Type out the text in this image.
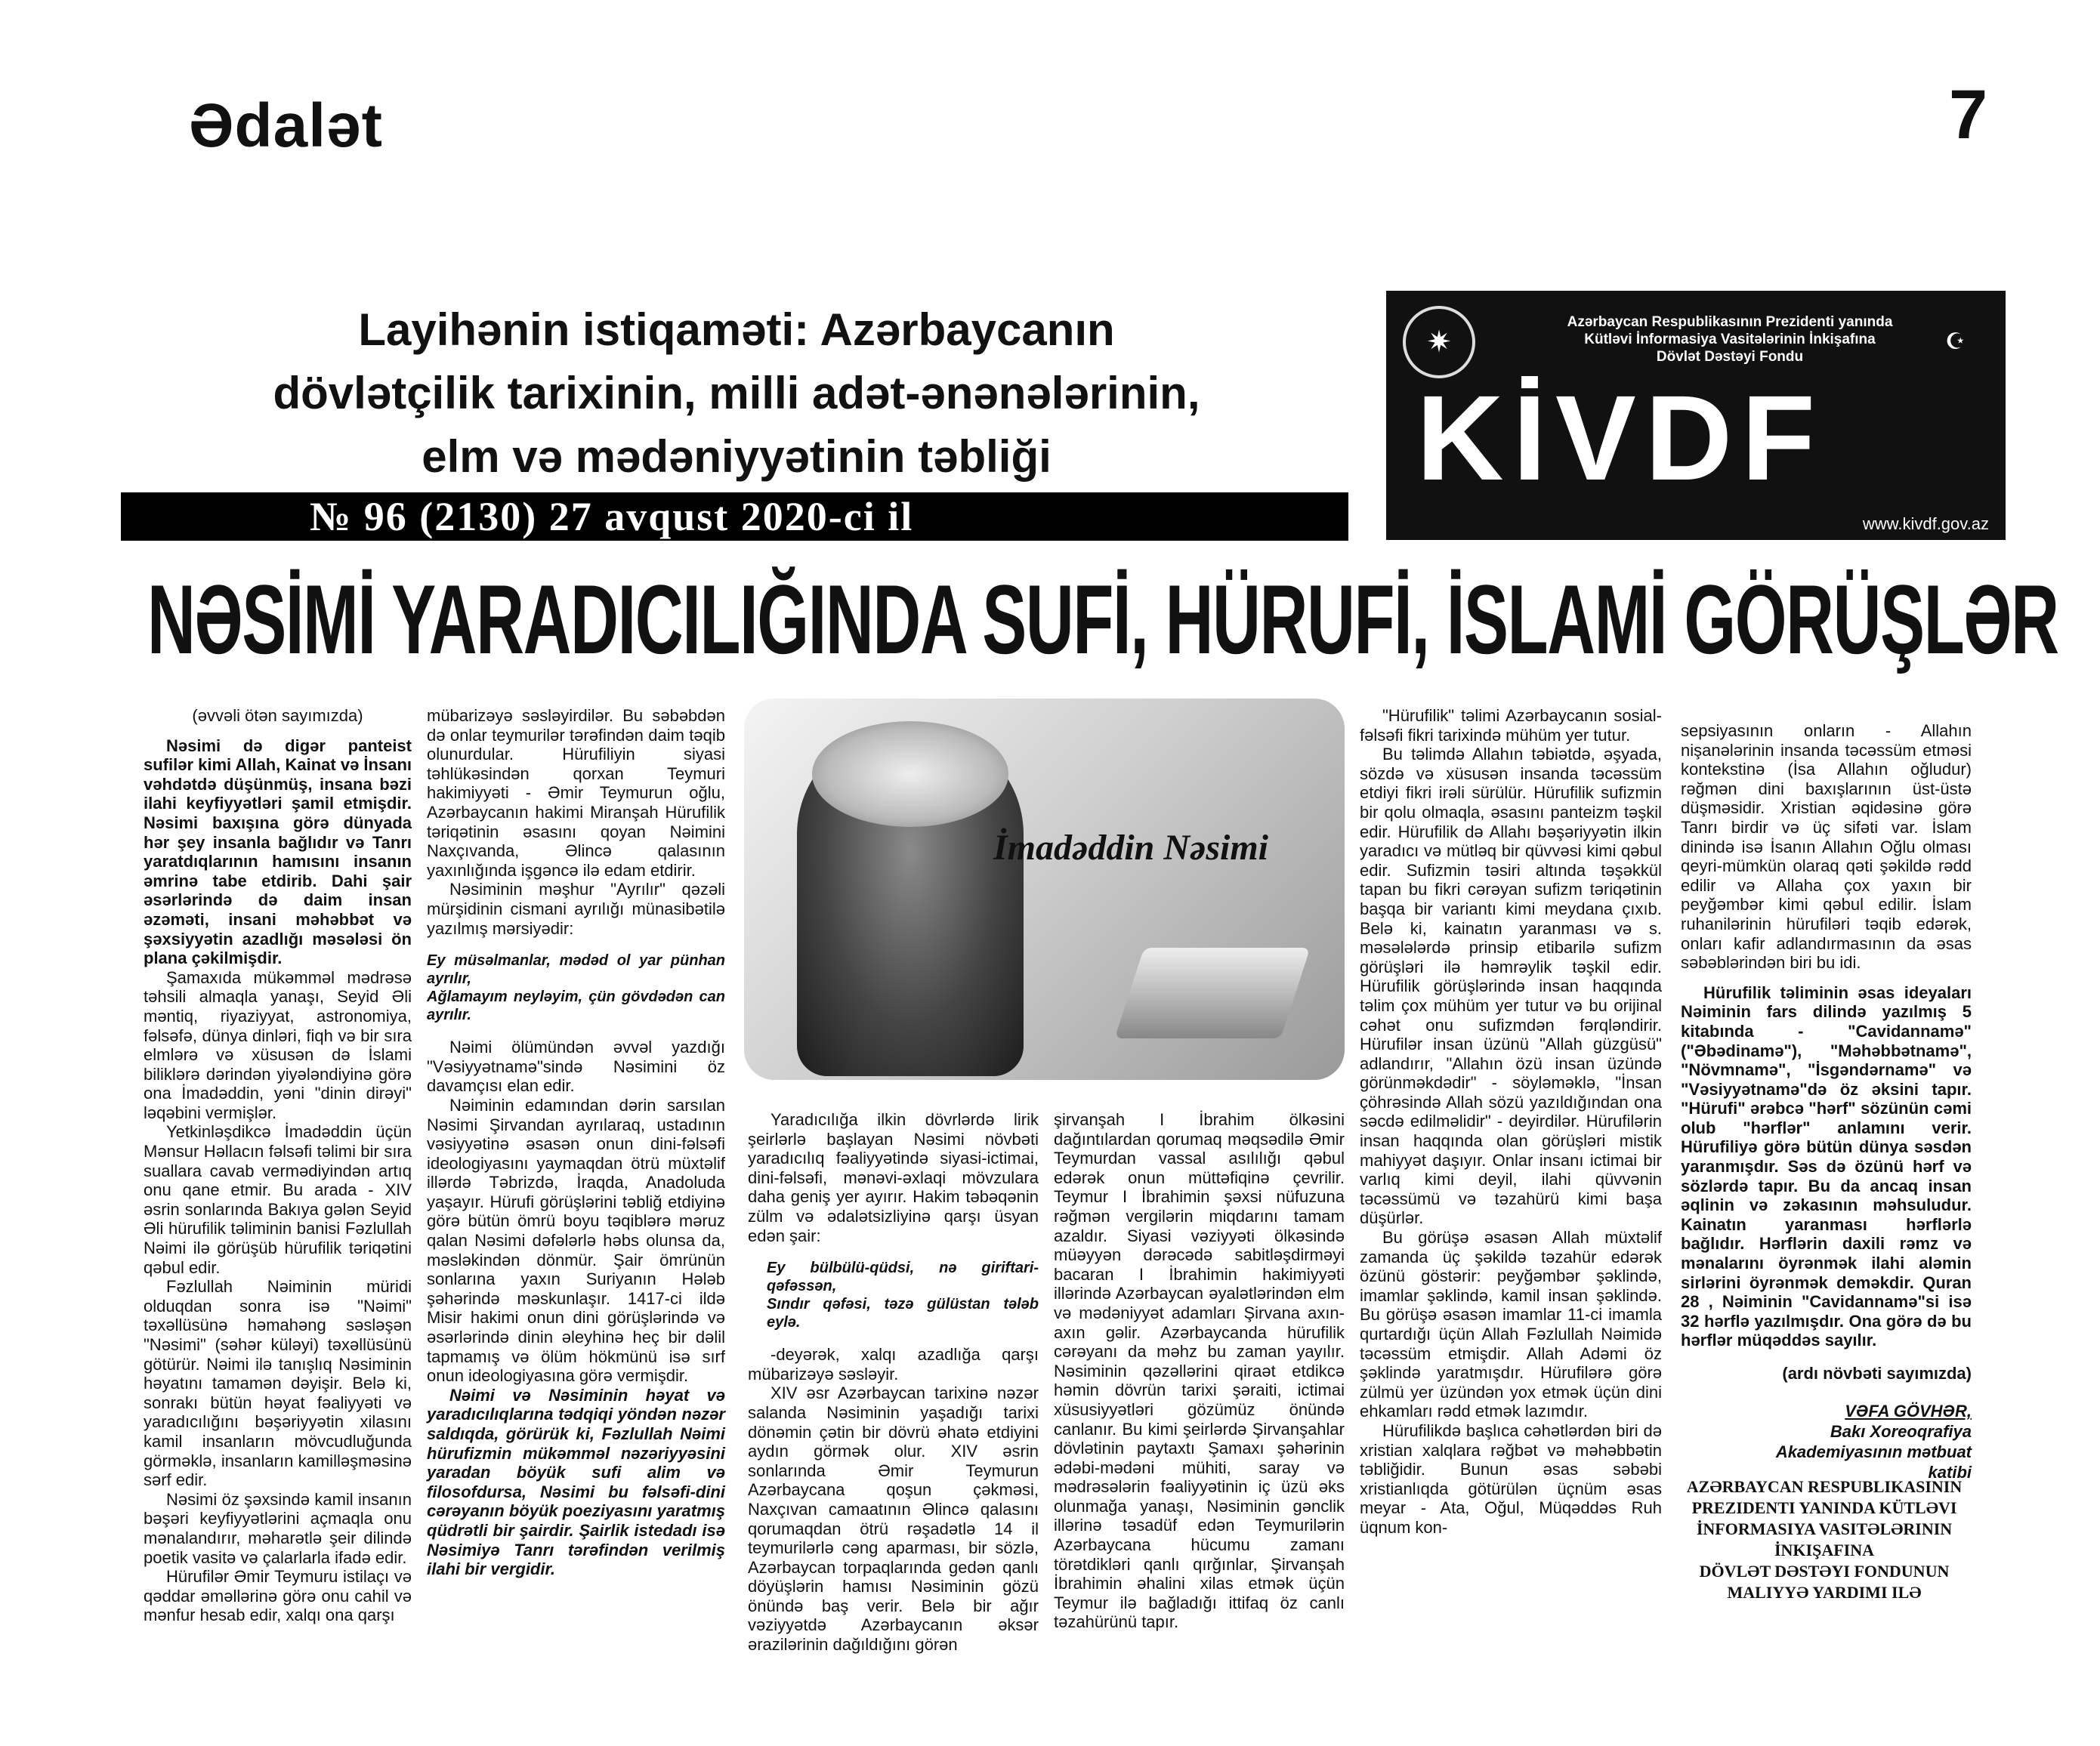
Ədalət	7
Layihənin istiqaməti: Azərbaycanın
dövlətçilik tarixinin, milli adət-ənənələrinin,
elm və mədəniyyətinin təbliği
№ 96 (2130) 27 avqust 2020-ci il
✷
Azərbaycan Respublikasının Prezidenti yanında
Kütləvi İnformasiya Vasitələrinin İnkişafına
Dövlət Dəstəyi Fondu
☪
KİVDF
www.kivdf.gov.az
NƏSİMİ YARADICILIĞINDA SUFİ, HÜRUFİ, İSLAMİ GÖRÜŞLƏR

(əvvəli ötən sayımızda)

Nəsimi də digər panteist sufilər kimi Allah, Kainat və İnsanı vəhdətdə düşünmüş, insana bəzi ilahi keyfiyyətləri şamil etmişdir. Nəsimi baxışına görə dünyada hər şey insanla bağlıdır və Tanrı yaratdıqlarının hamısını insanın əmrinə tabe etdirib. Dahi şair əsərlərində də daim insan əzəməti, insani məhəbbət və şəxsiyyətin azadlığı məsələsi ön plana çəkilmişdir.

Şamaxıda mükəmməl mədrəsə təhsili almaqla yanaşı, Seyid Əli məntiq, riyaziyyat, astronomiya, fəlsəfə, dünya dinləri, fiqh və bir sıra elmlərə və xüsusən də İslami biliklərə dərindən yiyələndiyinə görə ona İmadəddin, yəni "dinin dirəyi" ləqəbini vermişlər.

Yetkinləşdikcə İmadəddin üçün Mənsur Həllacın fəlsəfi təlimi bir sıra suallara cavab vermədiyindən artıq onu qane etmir. Bu arada - XIV əsrin sonlarında Bakıya gələn Seyid Əli hürufilik təliminin banisi Fəzlullah Nəimi ilə görüşüb hürufilik təriqətini qəbul edir.

Fəzlullah Nəiminin müridi olduqdan sonra isə "Nəimi" təxəllüsünə həmahəng səsləşən "Nəsimi" (səhər küləyi) təxəllüsünü götürür. Nəimi ilə tanışlıq Nəsiminin həyatını tamamən dəyişir. Belə ki, sonrakı bütün həyat fəaliyyəti və yaradıcılığını bəşəriyyətin xilasını kamil insanların mövcudluğunda görməklə, insanların kamilləşməsinə sərf edir.

Nəsimi öz şəxsində kamil insanın bəşəri keyfiyyətlərini açmaqla onu mənalandırır, məharətlə şeir dilində poetik vasitə və çalarlarla ifadə edir.

Hürufilər Əmir Teymuru istilaçı və qəddar əməllərinə görə onu cahil və mənfur hesab edir, xalqı ona qarşı

mübarizəyə səsləyirdilər. Bu səbəbdən də onlar teymurilər tərəfindən daim təqib olunurdular. Hürufiliyin siyasi təhlükəsindən qorxan Teymuri hakimiyyəti - Əmir Teymurun oğlu, Azərbaycanın hakimi Miranşah Hürufilik təriqətinin əsasını qoyan Nəimini Naxçıvanda, Əlincə qalasının yaxınlığında işgəncə ilə edam etdirir.

Nəsiminin məşhur "Ayrılır" qəzəli mürşidinin cismani ayrılığı münasibətilə yazılmış mərsiyədir:

Ey müsəlmanlar, mədəd ol yar pünhan ayrılır,
Ağlamayım neyləyim, çün gövdədən can ayrılır.

Nəimi ölümündən əvvəl yazdığı "Vəsiyyətnamə"sində Nəsimini öz davamçısı elan edir.

Nəiminin edamından dərin sarsılan Nəsimi Şirvandan ayrılaraq, ustadının vəsiyyətinə əsasən onun dini-fəlsəfi ideologiyasını yaymaqdan ötrü müxtəlif illərdə Təbrizdə, İraqda, Anadoluda yaşayır. Hürufi görüşlərini təbliğ etdiyinə görə bütün ömrü boyu təqiblərə məruz qalan Nəsimi dəfələrlə həbs olunsa da, məsləkindən dönmür. Şair ömrünün sonlarına yaxın Suriyanın Hələb şəhərində məskunlaşır. 1417-ci ildə Misir hakimi onun dini görüşlərində və əsərlərində dinin əleyhinə heç bir dəlil tapmamış və ölüm hökmünü isə sırf onun ideologiyasına görə vermişdir.

Nəimi və Nəsiminin həyat və yaradıcılıqlarına tədqiqi yöndən nəzər saldıqda, görürük ki, Fəzlullah Nəimi hürufizmin mükəmməl nəzəriyyəsini yaradan böyük sufi alim və filosofdursa, Nəsimi bu fəlsəfi-dini cərəyanın böyük poeziyasını yaratmış qüdrətli bir şairdir. Şairlik istedadı isə Nəsimiyə Tanrı tərəfindən verilmiş ilahi bir vergidir.

İmadəddin Nəsimi

Yaradıcılığa ilkin dövrlərdə lirik şeirlərlə başlayan Nəsimi növbəti yaradıcılıq fəaliyyətində siyasi-ictimai, dini-fəlsəfi, mənəvi-əxlaqi mövzulara daha geniş yer ayırır. Hakim təbəqənin zülm və ədalətsizliyinə qarşı üsyan edən şair:

Ey bülbülü-qüdsi, nə giriftari-qəfəssən,
Sındır qəfəsi, təzə gülüstan tələb eylə.

-deyərək, xalqı azadlığa qarşı mübarizəyə səsləyir.

XIV əsr Azərbaycan tarixinə nəzər salanda Nəsiminin yaşadığı tarixi dönəmin çətin bir dövrü əhatə etdiyini aydın görmək olur. XIV əsrin sonlarında Əmir Teymurun Azərbaycana qoşun çəkməsi, Naxçıvan camaatının Əlincə qalasını qorumaqdan ötrü rəşadətlə 14 il teymurilərlə cəng aparması, bir sözlə, Azərbaycan torpaqlarında gedən qanlı döyüşlərin hamısı Nəsiminin gözü önündə baş verir. Belə bir ağır vəziyyətdə Azərbaycanın əksər ərazilərinin dağıldığını görən

şirvanşah I İbrahim ölkəsini dağıntılardan qorumaq məqsədilə Əmir Teymurdan vassal asılılığı qəbul edərək onun müttəfiqinə çevrilir. Teymur I İbrahimin şəxsi nüfuzuna rəğmən vergilərin miqdarını tamam azaldır. Siyasi vəziyyəti ölkəsində müəyyən dərəcədə sabitləşdirməyi bacaran I İbrahimin hakimiyyəti illərində Azərbaycan əyalətlərindən elm və mədəniyyət adamları Şirvana axın-axın gəlir. Azərbaycanda hürufilik cərəyanı da məhz bu zaman yayılır. Nəsiminin qəzəllərini qiraət etdikcə həmin dövrün tarixi şəraiti, ictimai xüsusiyyətləri gözümüz önündə canlanır. Bu kimi şeirlərdə Şirvanşahlar dövlətinin paytaxtı Şamaxı şəhərinin ədəbi-mədəni mühiti, saray və mədrəsələrin fəaliyyətinin iç üzü əks olunmağa yanaşı, Nəsiminin gənclik illərinə təsadüf edən Teymurilərin Azərbaycana hücumu zamanı törətdikləri qanlı qırğınlar, Şirvanşah İbrahimin əhalini xilas etmək üçün Teymur ilə bağladığı ittifaq öz canlı təzahürünü tapır.

"Hürufilik" təlimi Azərbaycanın sosial-fəlsəfi fikri tarixində mühüm yer tutur.

Bu təlimdə Allahın təbiətdə, əşyada, sözdə və xüsusən insanda təcəssüm etdiyi fikri irəli sürülür. Hürufilik sufizmin bir qolu olmaqla, əsasını panteizm təşkil edir. Hürufilik də Allahı bəşəriyyətin ilkin yaradıcı və mütləq bir qüvvəsi kimi qəbul edir. Sufizmin təsiri altında təşəkkül tapan bu fikri cərəyan sufizm təriqətinin başqa bir variantı kimi meydana çıxıb. Belə ki, kainatın yaranması və s. məsələlərdə prinsip etibarilə sufizm görüşləri ilə həmrəylik təşkil edir. Hürufilik görüşlərində insan haqqında təlim çox mühüm yer tutur və bu orijinal cəhət onu sufizmdən fərqləndirir. Hürufilər insan üzünü "Allah güzgüsü" adlandırır, "Allahın özü insan üzündə görünməkdədir" - söyləməklə, "İnsan çöhrəsində Allah sözü yazıldığından ona səcdə edilməlidir" - deyirdilər. Hürufilərin insan haqqında olan görüşləri mistik mahiyyət daşıyır. Onlar insanı ictimai bir varlıq kimi deyil, ilahi qüvvənin təcəssümü və təzahürü kimi başa düşürlər.

Bu görüşə əsasən Allah müxtəlif zamanda üç şəkildə təzahür edərək özünü göstərir: peyğəmbər şəklində, imamlar şəklində, kamil insan şəklində. Bu görüşə əsasən imamlar 11-ci imamla qurtardığı üçün Allah Fəzlullah Nəimidə təcəssüm etmişdir. Allah Adəmi öz şəklində yaratmışdır. Hürufilərə görə zülmü yer üzündən yox etmək üçün dini ehkamları rədd etmək lazımdır.

Hürufilikdə başlıca cəhətlərdən biri də xristian xalqlara rəğbət və məhəbbətin təbliğidir. Bunun əsas səbəbi xristianlıqda götürülən üçnüm əsas meyar - Ata, Oğul, Müqəddəs Ruh üqnum kon-

sepsiyasının onların - Allahın nişanələrinin insanda təcəssüm etməsi kontekstinə (İsa Allahın oğludur) rəğmən dini baxışlarının üst-üstə düşməsidir. Xristian əqidəsinə görə Tanrı birdir və üç sifəti var. İslam dinində isə İsanın Allahın Oğlu olması qeyri-mümkün olaraq qəti şəkildə rədd edilir və Allaha çox yaxın bir peyğəmbər kimi qəbul edilir. İslam ruhanilərinin hürufiləri təqib edərək, onları kafir adlandırmasının da əsas səbəblərindən biri bu idi.

Hürufilik təliminin əsas ideyaları Nəiminin fars dilində yazılmış 5 kitabında - "Cavidannamə" ("Əbədinamə"), "Məhəbbətnamə", "Növmnamə", "İsgəndərnamə" və "Vəsiyyətnamə"də öz əksini tapır. "Hürufi" ərəbcə "hərf" sözünün cəmi olub "hərflər" anlamını verir. Hürufiliyə görə bütün dünya səsdən yaranmışdır. Səs də özünü hərf və sözlərdə tapır. Bu da ancaq insan əqlinin və zəkasının məhsuludur. Kainatın yaranması hərflərlə bağlıdır. Hərflərin daxili rəmz və mənalarını öyrənmək ilahi aləmin sirlərini öyrənmək deməkdir. Quran 28 , Nəiminin "Cavidannamə"si isə 32 hərflə yazılmışdır. Ona görə də bu hərflər müqəddəs sayılır.

(ardı növbəti sayımızda)

VƏFA GÖVHƏR,
Bakı Xoreoqrafiya
Akademiyasının mətbuat katibi
AZƏRBAYCAN RESPUBLIKASININ
PREZIDENTI YANINDA KÜTLƏVI
İNFORMASIYA VASITƏLƏRININ İNKIŞAFINA
DÖVLƏT DƏSTƏYI FONDUNUN
MALIYYƏ YARDIMI ILƏ
